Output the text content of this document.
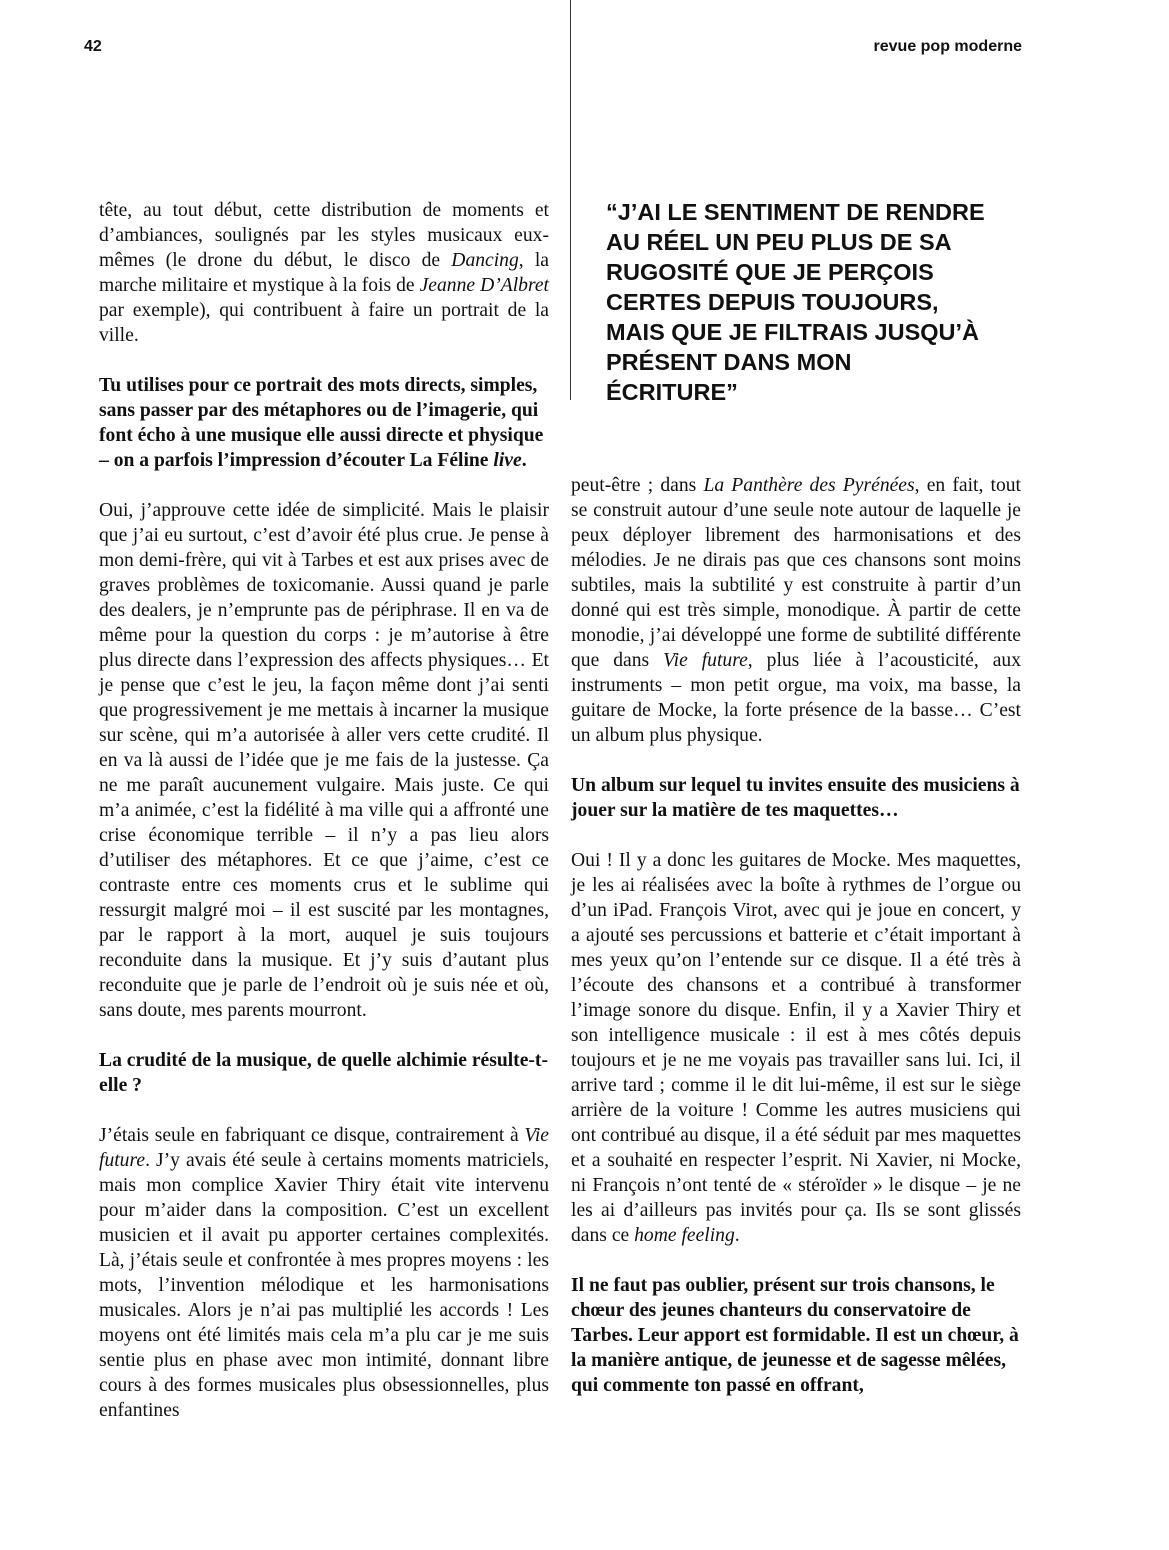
42	revue pop moderne

tête, au tout début, cette distribution de moments et d’ambiances, soulignés par les styles musicaux eux-mêmes (le drone du début, le disco de Dancing, la marche militaire et mystique à la fois de Jeanne D’Albret par exemple), qui contribuent à faire un portrait de la ville.

Tu utilises pour ce portrait des mots directs, simples, sans passer par des métaphores ou de l’imagerie, qui font écho à une musique elle aussi directe et physique – on a parfois l’impression d’écouter La Féline live.

Oui, j’approuve cette idée de simplicité. Mais le plaisir que j’ai eu surtout, c’est d’avoir été plus crue. Je pense à mon demi-frère, qui vit à Tarbes et est aux prises avec de graves problèmes de toxicomanie. Aussi quand je parle des dealers, je n’emprunte pas de périphrase. Il en va de même pour la question du corps : je m’autorise à être plus directe dans l’expression des affects physiques… Et je pense que c’est le jeu, la façon même dont j’ai senti que progressivement je me mettais à incarner la musique sur scène, qui m’a autorisée à aller vers cette crudité. Il en va là aussi de l’idée que je me fais de la justesse. Ça ne me paraît aucunement vulgaire. Mais juste. Ce qui m’a animée, c’est la fidélité à ma ville qui a affronté une crise économique terrible – il n’y a pas lieu alors d’utiliser des métaphores. Et ce que j’aime, c’est ce contraste entre ces moments crus et le sublime qui ressurgit malgré moi – il est suscité par les montagnes, par le rapport à la mort, auquel je suis toujours reconduite dans la musique. Et j’y suis d’autant plus reconduite que je parle de l’endroit où je suis née et où, sans doute, mes parents mourront.

La crudité de la musique, de quelle alchimie résulte-t-elle ?

J’étais seule en fabriquant ce disque, contrairement à Vie future. J’y avais été seule à certains moments matriciels, mais mon complice Xavier Thiry était vite intervenu pour m’aider dans la composition. C’est un excellent musicien et il avait pu apporter certaines complexités. Là, j’étais seule et confrontée à mes propres moyens : les mots, l’invention mélodique et les harmonisations musicales. Alors je n’ai pas multiplié les accords ! Les moyens ont été limités mais cela m’a plu car je me suis sentie plus en phase avec mon intimité, donnant libre cours à des formes musicales plus obsessionnelles, plus enfantines

“J’AI LE SENTIMENT DE RENDRE AU RÉEL UN PEU PLUS DE SA RUGOSITÉ QUE JE PERÇOIS CERTES DEPUIS TOUJOURS, MAIS QUE JE FILTRAIS JUSQU’À PRÉSENT DANS MON ÉCRITURE”

peut-être ; dans La Panthère des Pyrénées, en fait, tout se construit autour d’une seule note autour de laquelle je peux déployer librement des harmonisations et des mélodies. Je ne dirais pas que ces chansons sont moins subtiles, mais la subtilité y est construite à partir d’un donné qui est très simple, monodique. À partir de cette monodie, j’ai développé une forme de subtilité différente que dans Vie future, plus liée à l’acousticité, aux instruments – mon petit orgue, ma voix, ma basse, la guitare de Mocke, la forte présence de la basse… C’est un album plus physique.

Un album sur lequel tu invites ensuite des musiciens à jouer sur la matière de tes maquettes…

Oui ! Il y a donc les guitares de Mocke. Mes maquettes, je les ai réalisées avec la boîte à rythmes de l’orgue ou d’un iPad. François Virot, avec qui je joue en concert, y a ajouté ses percussions et batterie et c’était important à mes yeux qu’on l’entende sur ce disque. Il a été très à l’écoute des chansons et a contribué à transformer l’image sonore du disque. Enfin, il y a Xavier Thiry et son intelligence musicale : il est à mes côtés depuis toujours et je ne me voyais pas travailler sans lui. Ici, il arrive tard ; comme il le dit lui-même, il est sur le siège arrière de la voiture ! Comme les autres musiciens qui ont contribué au disque, il a été séduit par mes maquettes et a souhaité en respecter l’esprit. Ni Xavier, ni Mocke, ni François n’ont tenté de « stéroïder » le disque – je ne les ai d’ailleurs pas invités pour ça. Ils se sont glissés dans ce home feeling.

Il ne faut pas oublier, présent sur trois chansons, le chœur des jeunes chanteurs du conservatoire de Tarbes. Leur apport est formidable. Il est un chœur, à la manière antique, de jeunesse et de sagesse mêlées, qui commente ton passé en offrant,
